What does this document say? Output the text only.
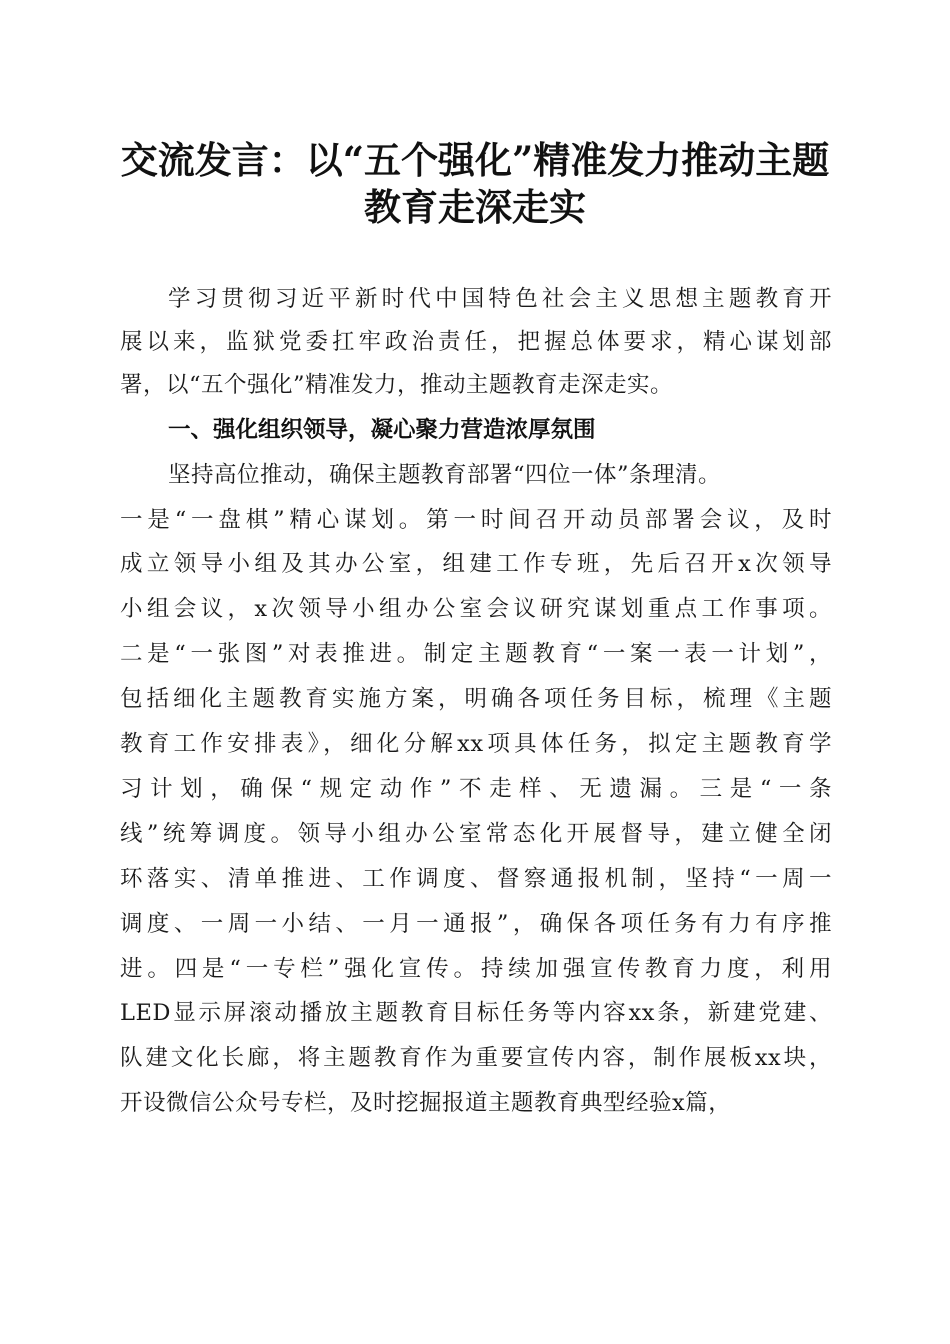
交流发言：以“五个强化”精准发力推动主题
教育走深走实
学习贯彻习近平新时代中国特色社会主义思想主题教育开
展以来，监狱党委扛牢政治责任，把握总体要求，精心谋划部
署，以“五个强化”精准发力，推动主题教育走深走实。
一、强化组织领导，凝心聚力营造浓厚氛围
坚持高位推动，确保主题教育部署“四位一体”条理清。
一是“一盘棋”精心谋划。第一时间召开动员部署会议，及时
成立领导小组及其办公室，组建工作专班，先后召开x次领导
小组会议，x次领导小组办公室会议研究谋划重点工作事项。
二是“一张图”对表推进。制定主题教育“一案一表一计划”，
包括细化主题教育实施方案，明确各项任务目标，梳理《主题
教育工作安排表》，细化分解xx项具体任务，拟定主题教育学
习计划，确保“规定动作”不走样、无遗漏。三是“一条
线”统筹调度。领导小组办公室常态化开展督导，建立健全闭
环落实、清单推进、工作调度、督察通报机制，坚持“一周一
调度、一周一小结、一月一通报”，确保各项任务有力有序推
进。四是“一专栏”强化宣传。持续加强宣传教育力度，利用
LED显示屏滚动播放主题教育目标任务等内容xx条，新建党建、
队建文化长廊，将主题教育作为重要宣传内容，制作展板xx块，
开设微信公众号专栏，及时挖掘报道主题教育典型经验x篇，
